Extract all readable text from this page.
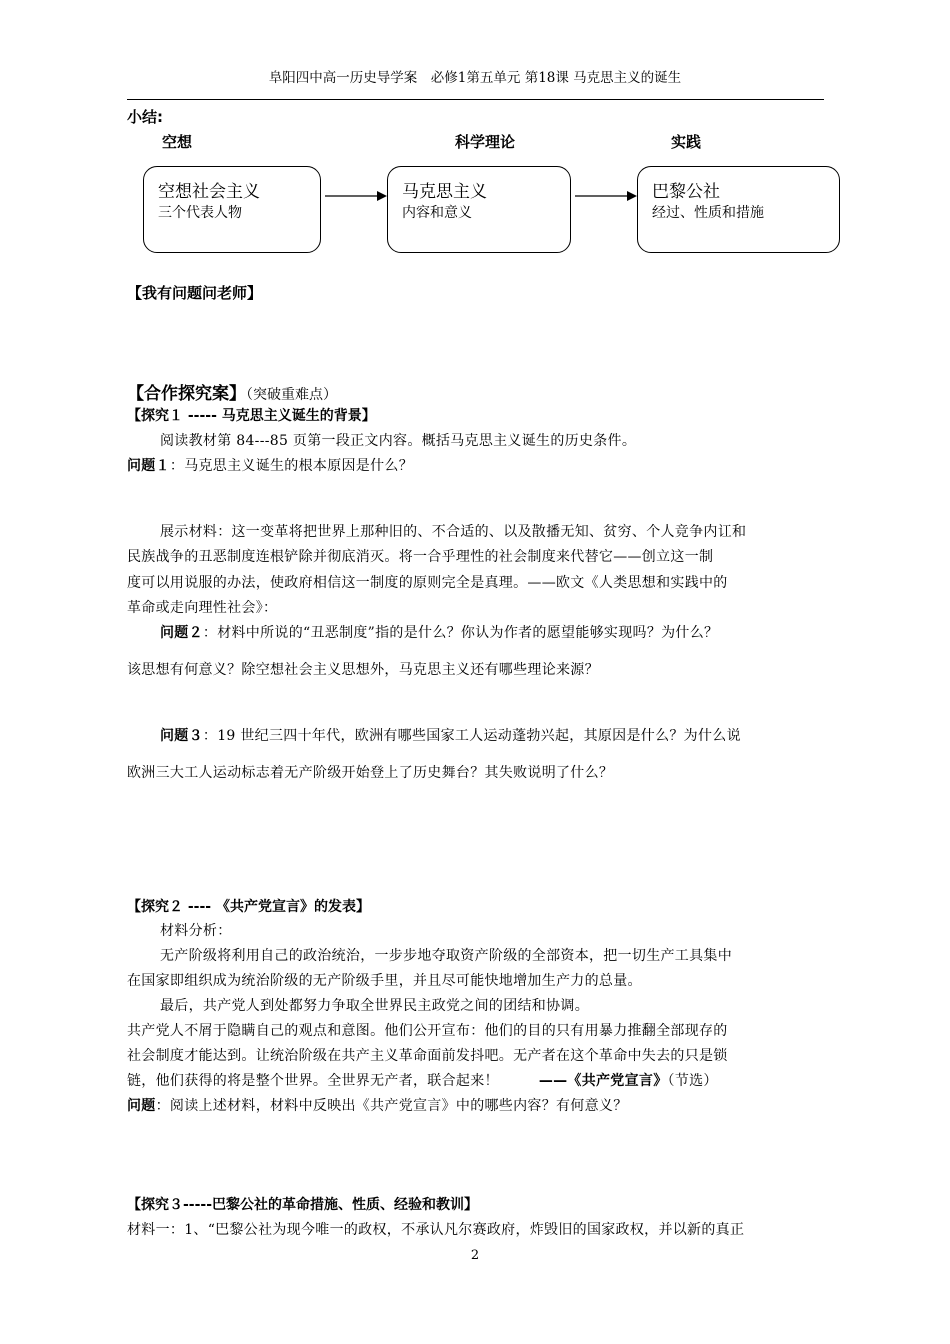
阜阳四中高一历史导学案　必修1第五单元 第18课 马克思主义的诞生
小结:
空想	科学理论	实践
空想社会主义
三个代表人物
马克思主义
内容和意义
巴黎公社
经过、性质和措施
【我有问题问老师】
【合作探究案】（突破重难点）
【探究１ ----- 马克思主义诞生的背景】
阅读教材第 84---85 页第一段正文内容。概括马克思主义诞生的历史条件。
问题１：马克思主义诞生的根本原因是什么？
展示材料：这一变革将把世界上那种旧的、不合适的、以及散播无知、贫穷、个人竞争内讧和
民族战争的丑恶制度连根铲除并彻底消灭。将一合乎理性的社会制度来代替它——创立这一制
度可以用说服的办法，使政府相信这一制度的原则完全是真理。——欧文《人类思想和实践中的
革命或走向理性社会》：
问题２：材料中所说的“丑恶制度”指的是什么？你认为作者的愿望能够实现吗？为什么？
该思想有何意义？除空想社会主义思想外，马克思主义还有哪些理论来源？
问题３：19 世纪三四十年代，欧洲有哪些国家工人运动蓬勃兴起，其原因是什么？为什么说
欧洲三大工人运动标志着无产阶级开始登上了历史舞台？其失败说明了什么？
【探究２ ---- 《共产党宣言》的发表】
材料分析：
无产阶级将利用自己的政治统治，一步步地夺取资产阶级的全部资本，把一切生产工具集中
在国家即组织成为统治阶级的无产阶级手里，并且尽可能快地增加生产力的总量。
最后，共产党人到处都努力争取全世界民主政党之间的团结和协调。
共产党人不屑于隐瞒自己的观点和意图。他们公开宣布：他们的目的只有用暴力推翻全部现存的
社会制度才能达到。让统治阶级在共产主义革命面前发抖吧。无产者在这个革命中失去的只是锁
链，他们获得的将是整个世界。全世界无产者，联合起来！	——《共产党宣言》（节选）
问题：阅读上述材料，材料中反映出《共产党宣言》中的哪些内容？有何意义？
【探究３-----巴黎公社的革命措施、性质、经验和教训】
材料一：1、“巴黎公社为现今唯一的政权，不承认凡尔赛政府，炸毁旧的国家政权，并以新的真正
2
